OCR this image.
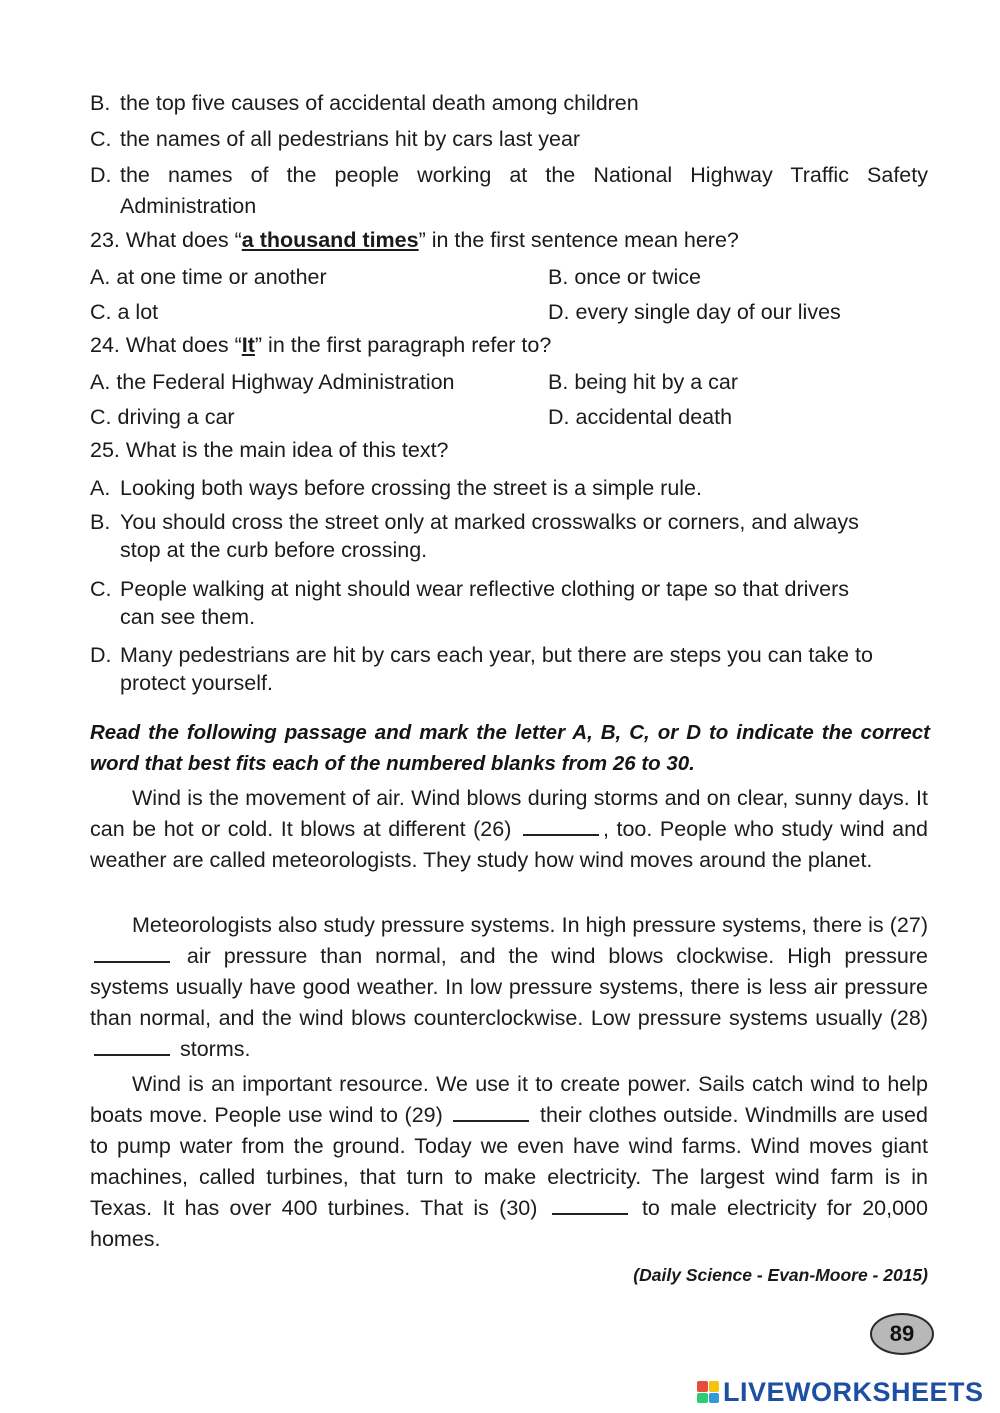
B. the top five causes of accidental death among children
C. the names of all pedestrians hit by cars last year
D. the names of the people working at the National Highway Traffic Safety Administration
23. What does “a thousand times” in the first sentence mean here?
A. at one time or another	B. once or twice
C. a lot	D. every single day of our lives
24. What does “It” in the first paragraph refer to?
A. the Federal Highway Administration	B. being hit by a car
C. driving a car	D. accidental death
25. What is the main idea of this text?
A. Looking both ways before crossing the street is a simple rule.
B. You should cross the street only at marked crosswalks or corners, and always
stop at the curb before crossing.
C. People walking at night should wear reflective clothing or tape so that drivers
can see them.
D. Many pedestrians are hit by cars each year, but there are steps you can take to
protect yourself.
Read the following passage and mark the letter A, B, C, or D to indicate the correct word that best fits each of the numbered blanks from 26 to 30.
Wind is the movement of air. Wind blows during storms and on clear, sunny days. It can be hot or cold. It blows at different (26)	, too. People who study wind and weather are called meteorologists. They study how wind moves around the planet.
Meteorologists also study pressure systems. In high pressure systems, there is (27)  air pressure than normal, and the wind blows clockwise. High pressure systems usually have good weather. In low pressure systems, there is less air pressure than normal, and the wind blows counterclockwise. Low pressure systems usually (28)  storms.
Wind is an important resource. We use it to create power. Sails catch wind to help boats move. People use wind to (29)	their clothes outside. Windmills are used to pump water from the ground. Today we even have wind farms. Wind moves giant machines, called turbines, that turn to make electricity. The largest wind farm is in Texas. It has over 400 turbines. That is (30)	to male electricity for 20,000 homes.
(Daily Science - Evan-Moore - 2015)
89
LIVEWORKSHEETS
